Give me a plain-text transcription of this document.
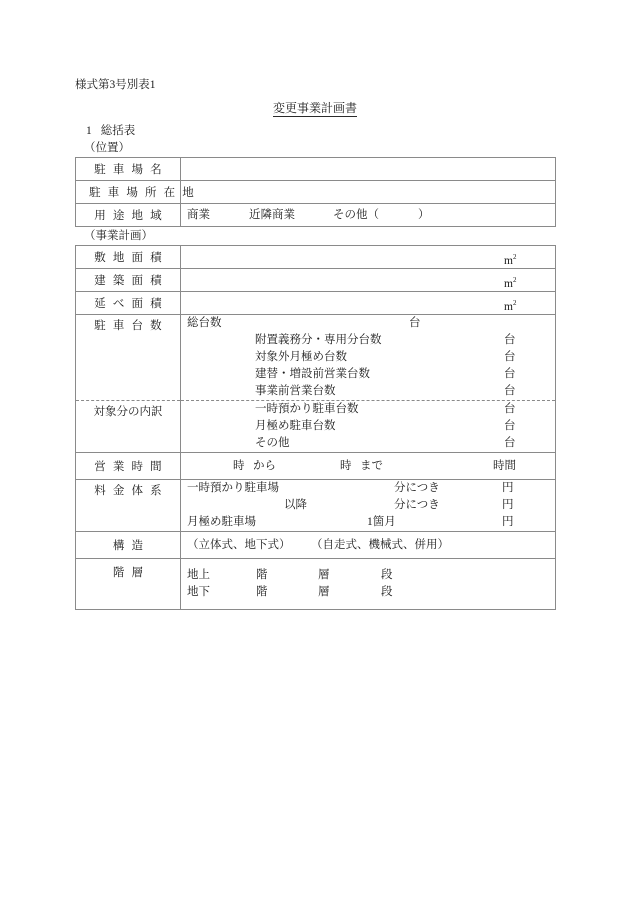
様式第3号別表1
変更事業計画書
1 総括表
（位置）
駐車場名	

駐車場所在地	

用途地域	商業 近隣商業 その他（ ）
（事業計画）
敷地面積	$m^2$

建築面積	$m^2$

延べ面積	$m^2$

駐車台数	総台数	台
附置義務分・専用分台数	台
対象外月極め台数	台
建替・増設前営業台数	台
事業前営業台数	台

対象分の内訳	一時預かり駐車台数	台
月極め駐車台数	台
その他	台

営業時間	時 から 時 まで 時間

料金体系	一時預かり駐車場	分につき	円
以降	分につき	円
月極め駐車場	1箇月	円

構造	（立体式、地下式） （自走式、機械式、併用）

階層	地上	階	層	段
地下	階	層	段
